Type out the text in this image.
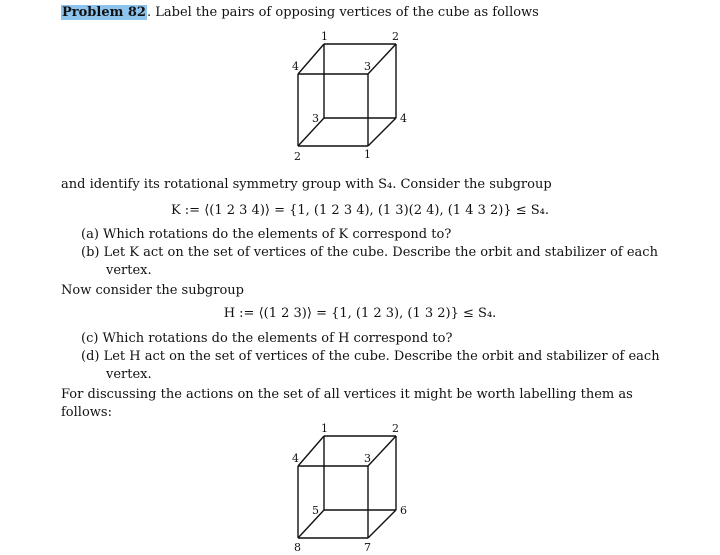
Problem 82. Label the pairs of opposing vertices of the cube as follows
1	2
4	3
3	4
2	1
and identify its rotational symmetry group with S₄. Consider the subgroup
K := ⟨(1 2 3 4)⟩ = {1, (1 2 3 4), (1 3)(2 4), (1 4 3 2)} ≤ S₄.
(a) Which rotations do the elements of K correspond to?
(b) Let K act on the set of vertices of the cube. Describe the orbit and stabilizer of each
vertex.
Now consider the subgroup
H := ⟨(1 2 3)⟩ = {1, (1 2 3), (1 3 2)} ≤ S₄.
(c) Which rotations do the elements of H correspond to?
(d) Let H act on the set of vertices of the cube. Describe the orbit and stabilizer of each
vertex.
For discussing the actions on the set of all vertices it might be worth labelling them as
follows:
1	2
4	3
5	6
8	7
